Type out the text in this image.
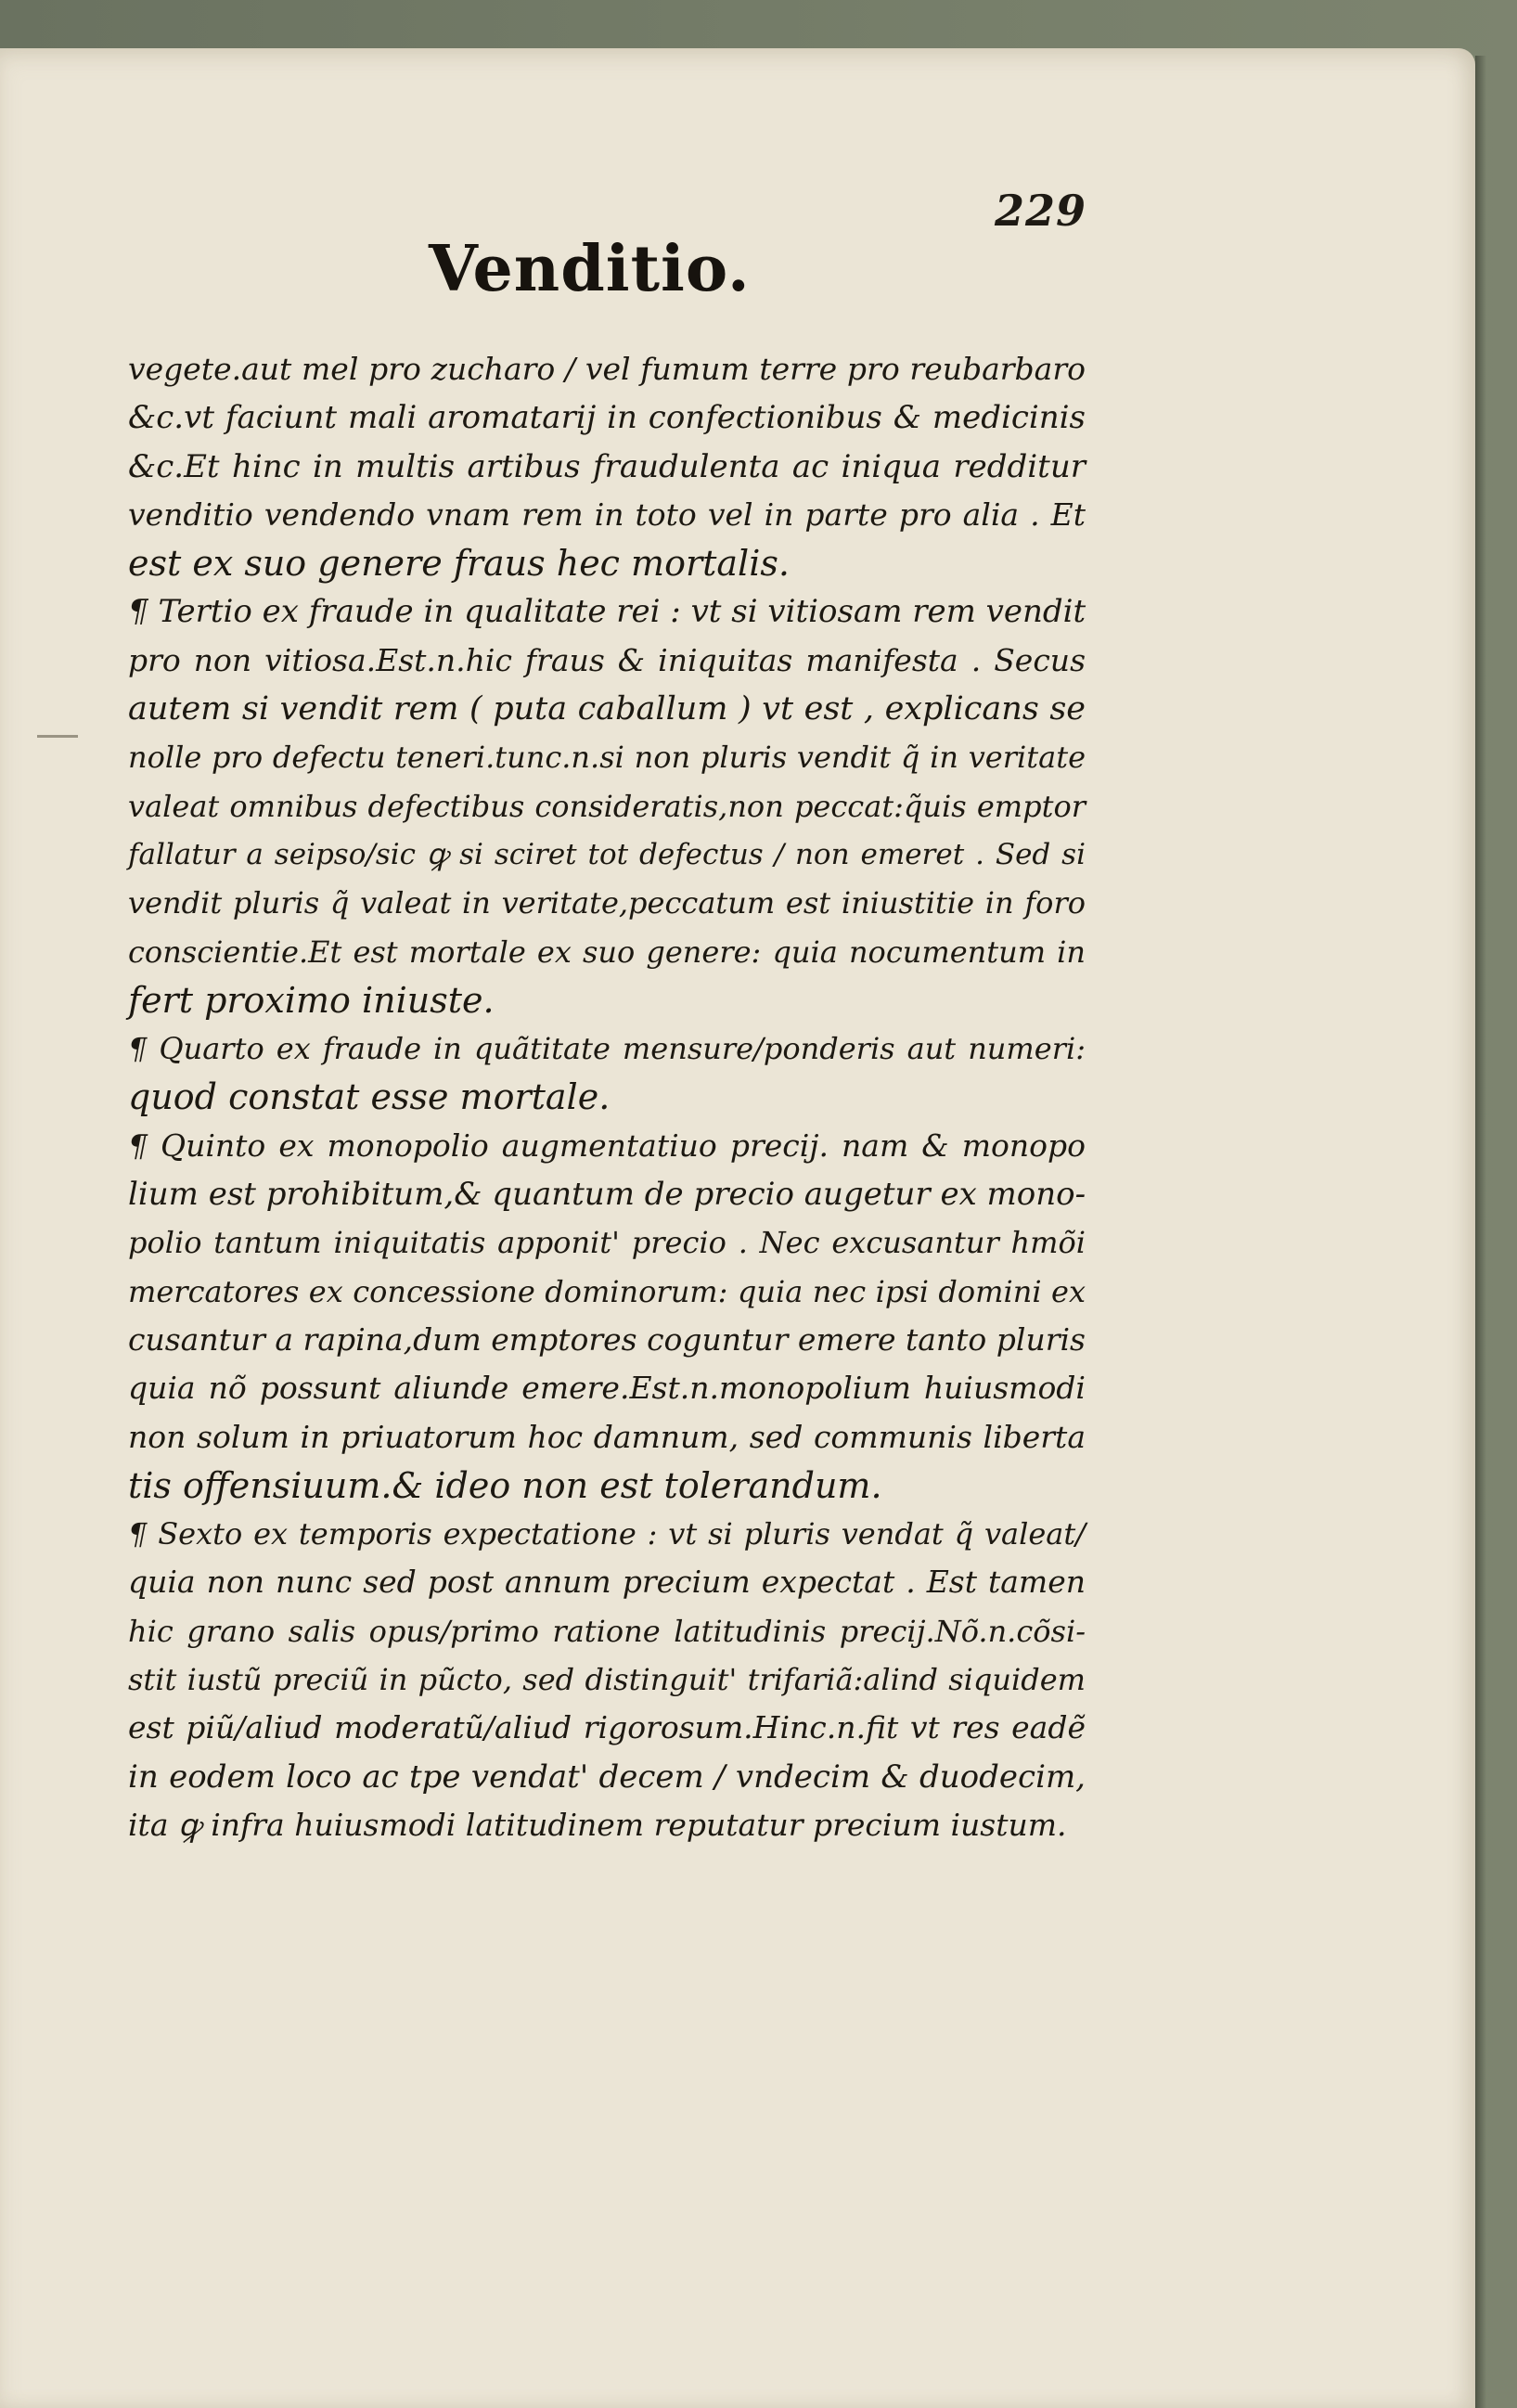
229
Venditio.
vegete.aut mel pro zucharo / vel fumum terre pro reubarbaro
&c.vt faciunt mali aromatarij in confectionibus & medicinis
&c.Et hinc in multis artibus fraudulenta ac iniqua redditur
venditio vendendo vnam rem in toto vel in parte pro alia . Et
est ex suo genere fraus hec mortalis.
¶ Tertio ex fraude in qualitate rei : vt si vitiosam rem vendit
pro non vitiosa.Est.n.hic fraus & iniquitas manifesta . Secus
autem si vendit rem ( puta caballum ) vt est , explicans se
nolle pro defectu teneri.tunc.n.si non pluris vendit q̃ in veritate
valeat omnibus defectibus consideratis,non peccat:q̃uis emptor
fallatur a seipso/sic ꝙ si sciret tot defectus / non emeret . Sed si
vendit pluris q̃ valeat in veritate,peccatum est iniustitie in foro
conscientie.Et est mortale ex suo genere: quia nocumentum in
fert proximo iniuste.
¶ Quarto ex fraude in quãtitate mensure/ponderis aut numeri:
quod constat esse mortale.
¶ Quinto ex monopolio augmentatiuo precij. nam & monopo
lium est prohibitum,& quantum de precio augetur ex mono-
polio tantum iniquitatis apponit' precio . Nec excusantur hmõi
mercatores ex concessione dominorum: quia nec ipsi domini ex
cusantur a rapina,dum emptores coguntur emere tanto pluris
quia nõ possunt aliunde emere.Est.n.monopolium huiusmodi
non solum in priuatorum hoc damnum, sed communis liberta
tis offensiuum.& ideo non est tolerandum.
¶ Sexto ex temporis expectatione : vt si pluris vendat q̃ valeat/
quia non nunc sed post annum precium expectat . Est tamen
hic grano salis opus/primo ratione latitudinis precij.Nõ.n.cõsi-
stit iustũ preciũ in pũcto, sed distinguit' trifariã:alind siquidem
est piũ/aliud moderatũ/aliud rigorosum.Hinc.n.fit vt res eadẽ
in eodem loco ac tpe vendat' decem / vndecim & duodecim,
ita ꝙ infra huiusmodi latitudinem reputatur precium iustum.
